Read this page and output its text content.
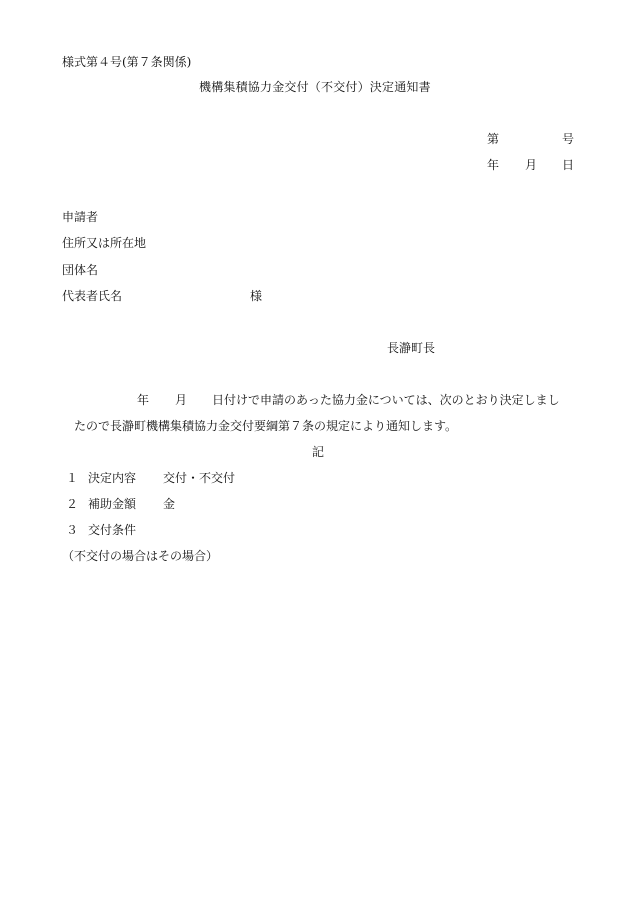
様式第４号(第７条関係)
機構集積協力金交付（不交付）決定通知書
第	号
年 月 日
申請者
住所又は所在地
団体名
代表者氏名	様
長瀞町長
年 月 日付けで申請のあった協力金については、次のとおり決定しまし
たので長瀞町機構集積協力金交付要綱第７条の規定により通知します。
記
１ 決定内容 交付・不交付
２ 補助金額 金
３ 交付条件
（不交付の場合はその場合）
